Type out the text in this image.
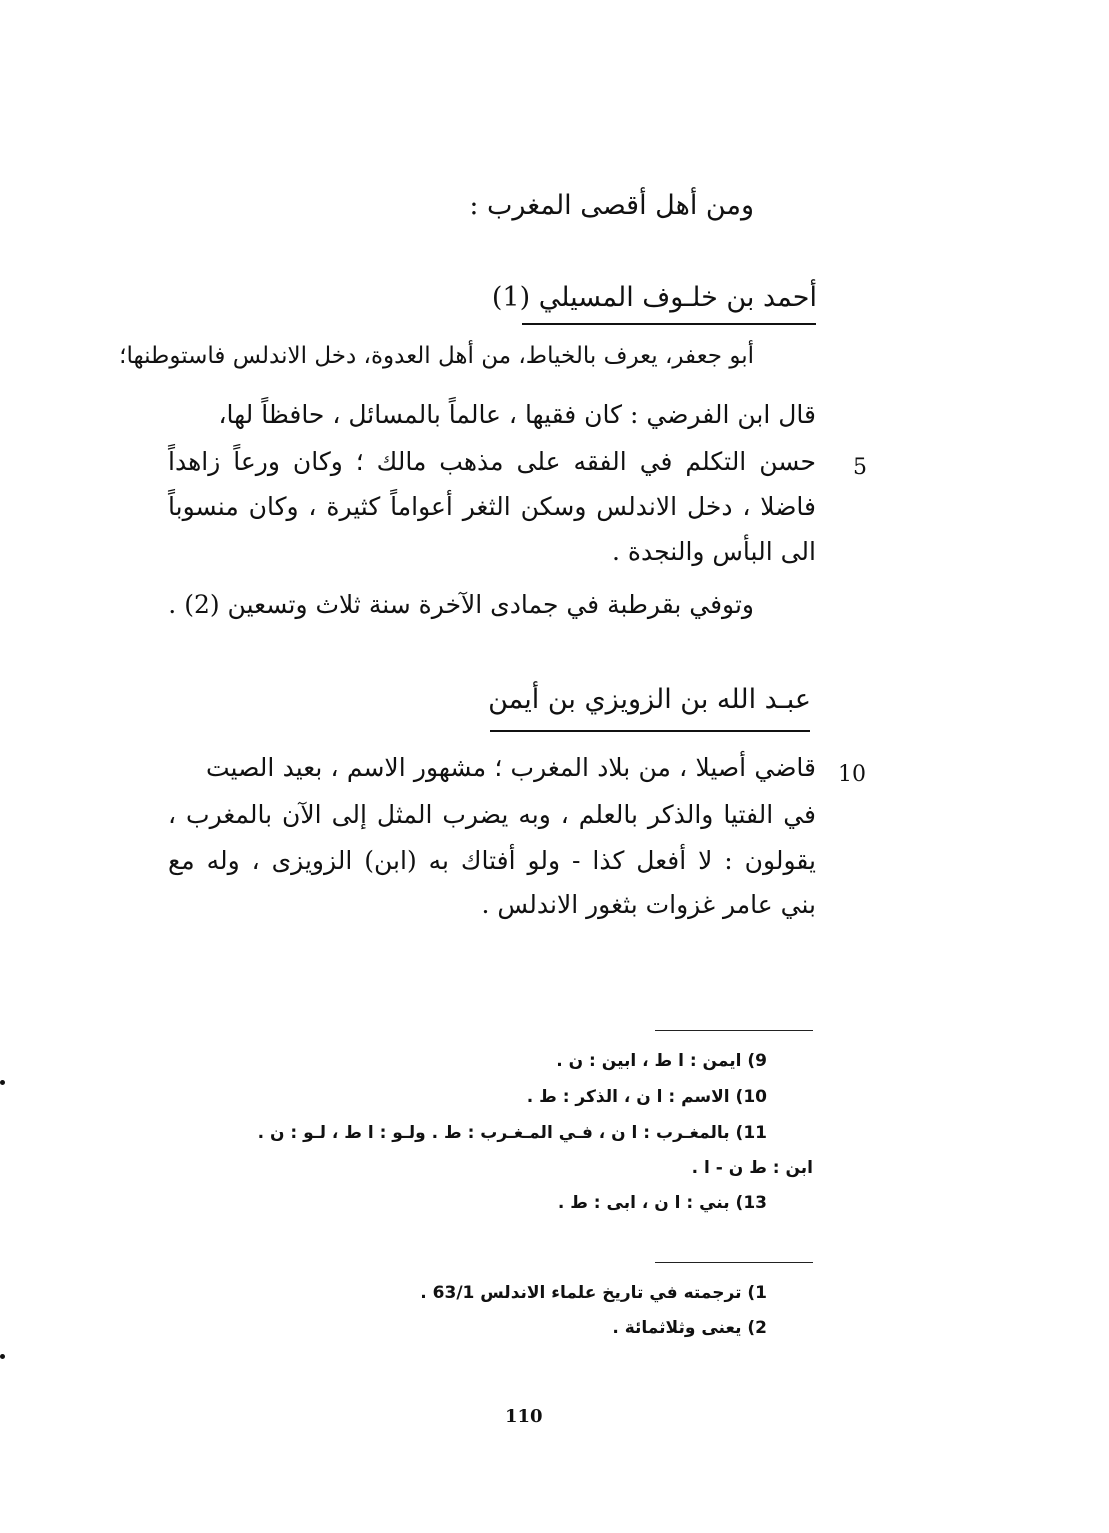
ومن أهل أقصى المغرب :
أحمد بن خلـوف المسيلي (1)
أبو جعفر، يعرف بالخياط، من أهل العدوة، دخل الاندلس فاستوطنها؛
قال ابن الفرضي : كان فقيها ، عالماً بالمسائل ، حافظاً لها،
حسن التكلم في الفقه على مذهب مالك ؛ وكان ورعاً زاهداً
فاضلا ، دخل الاندلس وسكن الثغر أعواماً كثيرة ، وكان منسوباً
الى البأس والنجدة .
وتوفي بقرطبة في جمادى الآخرة سنة ثلاث وتسعين (2) .
عبـد الله بن الزويزي بن أيمن
قاضي أصيلا ، من بلاد المغرب ؛ مشهور الاسم ، بعيد الصيت
في الفتيا والذكر بالعلم ، وبه يضرب المثل إلى الآن بالمغرب ،
يقولون : لا أفعل كذا - ولو أفتاك به (ابن) الزويزى ، وله مع
بني عامر غزوات بثغور الاندلس .
5
10
9) ايمن : ا ط ، ابين : ن .
10) الاسم : ا ن ، الذكر : ط .
11) بالمغـرب : ا ن ، فـي المـغـرب : ط . ولـو : ا ط ، لـو : ن .
ابن : ط ن - ا .
13) بني : ا ن ، ابى : ط .
1) ترجمته في تاريخ علماء الاندلس 63/1 .
2) يعنى وثلاثمائة .
110
